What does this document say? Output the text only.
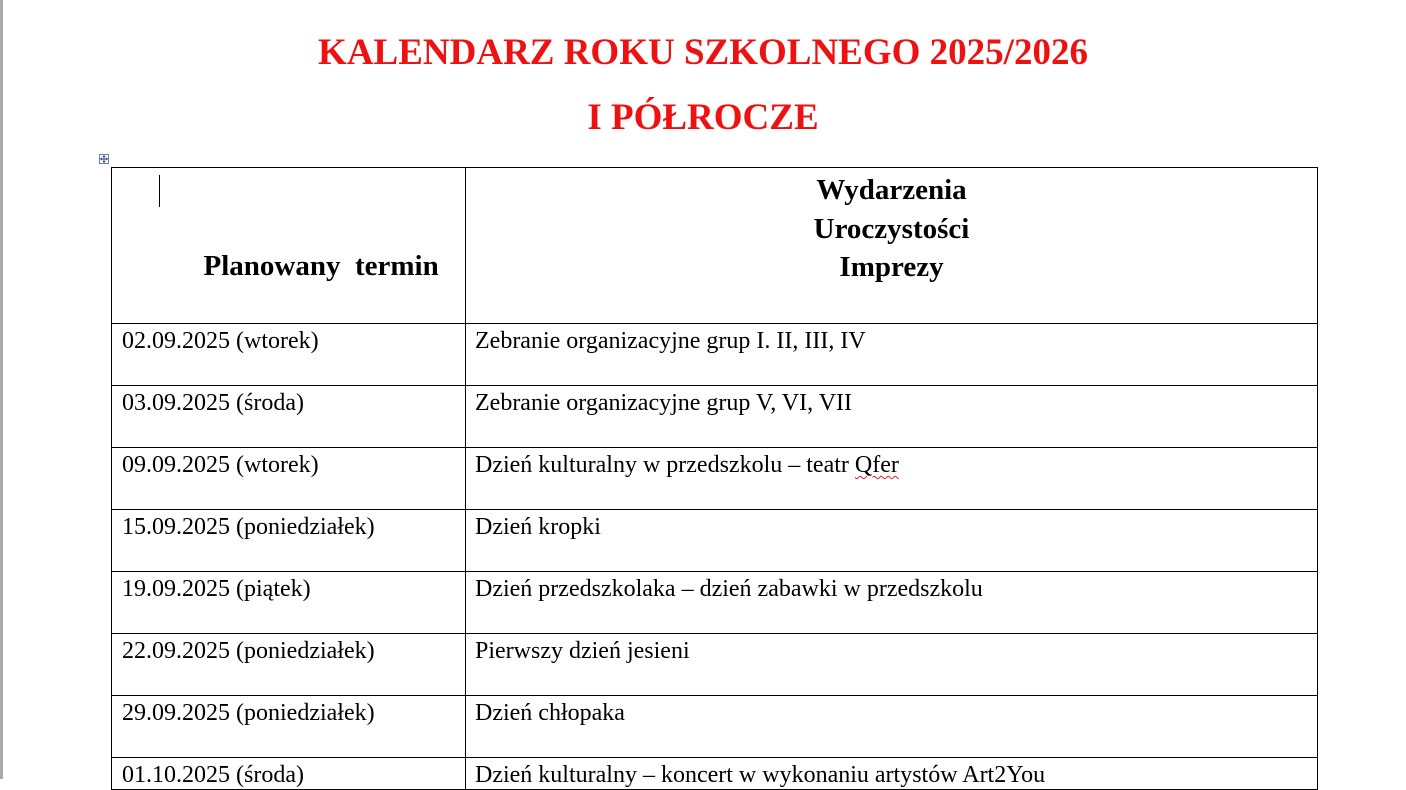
KALENDARZ ROKU SZKOLNEGO 2025/2026
I PÓŁROCZE

Planowany  termin	Wydarzenia
Uroczystości
Imprezy

02.09.2025 (wtorek)	Zebranie organizacyjne grup I. II, III, IV
03.09.2025 (środa)	Zebranie organizacyjne grup V, VI, VII
09.09.2025 (wtorek)	Dzień kulturalny w przedszkolu – teatr Qfer
15.09.2025 (poniedziałek)	Dzień kropki
19.09.2025 (piątek)	Dzień przedszkolaka – dzień zabawki w przedszkolu
22.09.2025 (poniedziałek)	Pierwszy dzień jesieni
29.09.2025 (poniedziałek)	Dzień chłopaka
01.10.2025 (środa)	Dzień kulturalny – koncert w wykonaniu artystów Art2You
